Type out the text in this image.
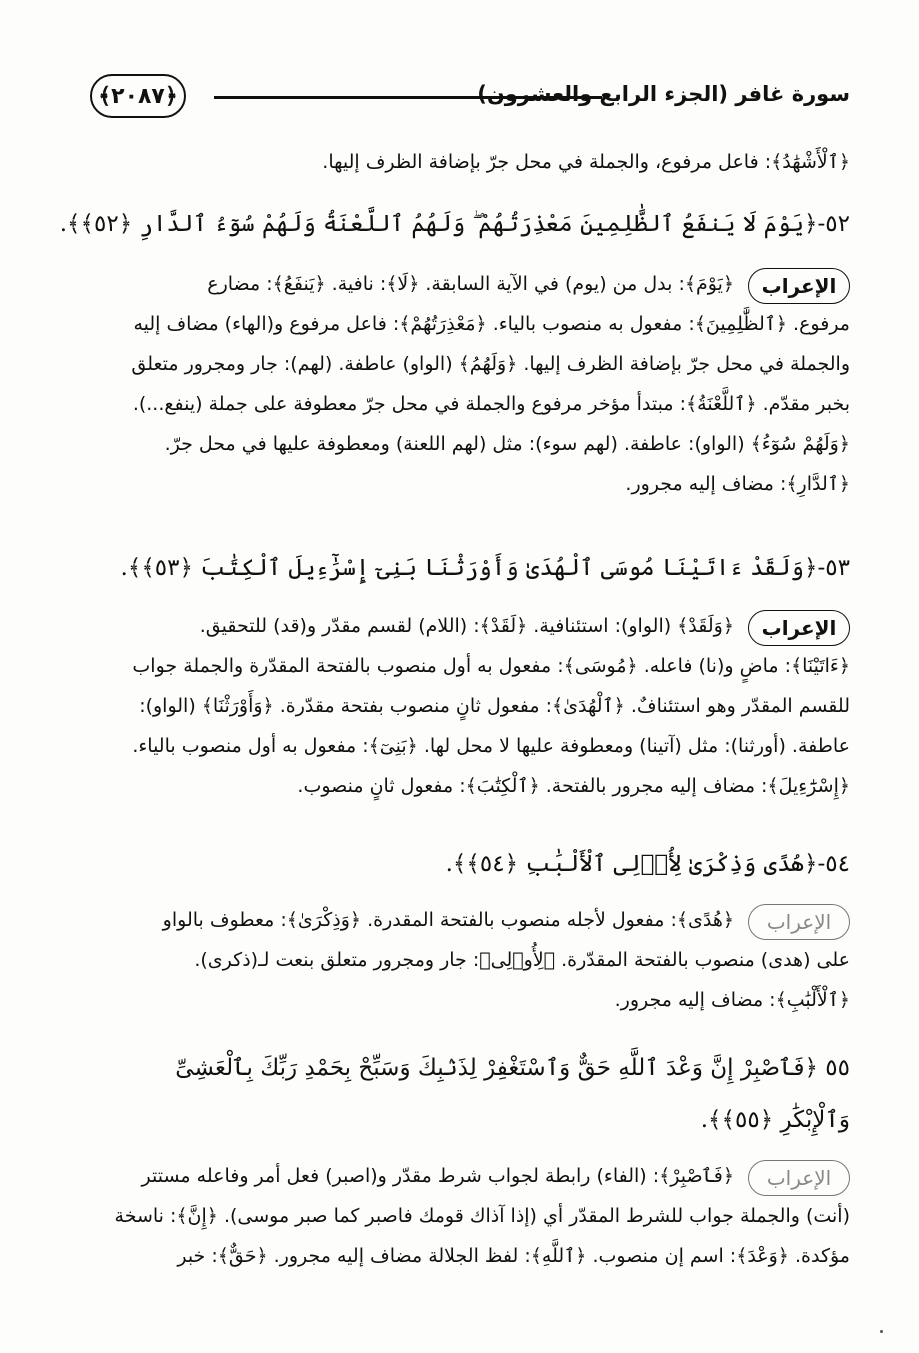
﴿٢٠٨٧﴾	سورة غافر (الجزء الرابع والعشرون)
﴿ٱلْأَشْهَٰدُ﴾: فاعل مرفوع، والجملة في محل جرّ بإضافة الظرف إليها.
٥٢-﴿يَوْمَ لَا يَنفَعُ ٱلظَّٰلِمِينَ مَعْذِرَتُهُمْ ۖ وَلَهُمُ ٱللَّعْنَةُ وَلَهُمْ سُوٓءُ ٱلدَّارِ ﴿٥٢﴾﴾.
الإعراب
﴿يَوْمَ﴾: بدل من (يوم) في الآية السابقة. ﴿لَا﴾: نافية. ﴿يَنفَعُ﴾: مضارع
مرفوع. ﴿ٱلظَّٰلِمِينَ﴾: مفعول به منصوب بالياء. ﴿مَعْذِرَتُهُمْ﴾: فاعل مرفوع و(الهاء) مضاف إليه
والجملة في محل جرّ بإضافة الظرف إليها. ﴿وَلَهُمُ﴾ (الواو) عاطفة. (لهم): جار ومجرور متعلق
بخبر مقدّم. ﴿ٱللَّعْنَةُ﴾: مبتدأ مؤخر مرفوع والجملة في محل جرّ معطوفة على جملة (ينفع...).
﴿وَلَهُمْ سُوٓءُ﴾ (الواو): عاطفة. (لهم سوء): مثل (لهم اللعنة) ومعطوفة عليها في محل جرّ.
﴿ٱلدَّارِ﴾: مضاف إليه مجرور.
٥٣-﴿وَلَقَدْ ءَاتَيْنَا مُوسَى ٱلْهُدَىٰ وَأَوْرَثْنَا بَنِىٓ إِسْرَٰٓءِيلَ ٱلْكِتَٰبَ ﴿٥٣﴾﴾.
الإعراب
﴿وَلَقَدْ﴾ (الواو): استئنافية. ﴿لَقَدْ﴾: (اللام) لقسم مقدّر و(قد) للتحقيق.
﴿ءَاتَيْنَا﴾: ماضٍ و(نا) فاعله. ﴿مُوسَى﴾: مفعول به أول منصوب بالفتحة المقدّرة والجملة جواب
للقسم المقدّر وهو استئنافٌ. ﴿ٱلْهُدَىٰ﴾: مفعول ثانٍ منصوب بفتحة مقدّرة. ﴿وَأَوْرَثْنَا﴾ (الواو):
عاطفة. (أورثنا): مثل (آتينا) ومعطوفة عليها لا محل لها. ﴿بَنِىٓ﴾: مفعول به أول منصوب بالياء.
﴿إِسْرَٰٓءِيلَ﴾: مضاف إليه مجرور بالفتحة. ﴿ٱلْكِتَٰبَ﴾: مفعول ثانٍ منصوب.
٥٤-﴿هُدًى وَذِكْرَىٰ لِأُو۟لِى ٱلْأَلْبَٰبِ ﴿٥٤﴾﴾.
الإعراب
﴿هُدًى﴾: مفعول لأجله منصوب بالفتحة المقدرة. ﴿وَذِكْرَىٰ﴾: معطوف بالواو
على (هدى) منصوب بالفتحة المقدّرة. ﴿لِأُو۟لِى﴾: جار ومجرور متعلق بنعت لـ(ذكرى).
﴿ٱلْأَلْبَٰبِ﴾: مضاف إليه مجرور.
٥٥ ﴿فَٱصْبِرْ إِنَّ وَعْدَ ٱللَّهِ حَقٌّ وَٱسْتَغْفِرْ لِذَنۢبِكَ وَسَبِّحْ بِحَمْدِ رَبِّكَ بِٱلْعَشِىِّ
وَٱلْإِبْكَٰرِ ﴿٥٥﴾﴾.
الإعراب
﴿فَٱصْبِرْ﴾: (الفاء) رابطة لجواب شرط مقدّر و(اصبر) فعل أمر وفاعله مستتر
(أنت) والجملة جواب للشرط المقدّر أي (إذا آذاك قومك فاصبر كما صبر موسى). ﴿إِنَّ﴾: ناسخة
مؤكدة. ﴿وَعْدَ﴾: اسم إن منصوب. ﴿ٱللَّهِ﴾: لفظ الجلالة مضاف إليه مجرور. ﴿حَقٌّ﴾: خبر
